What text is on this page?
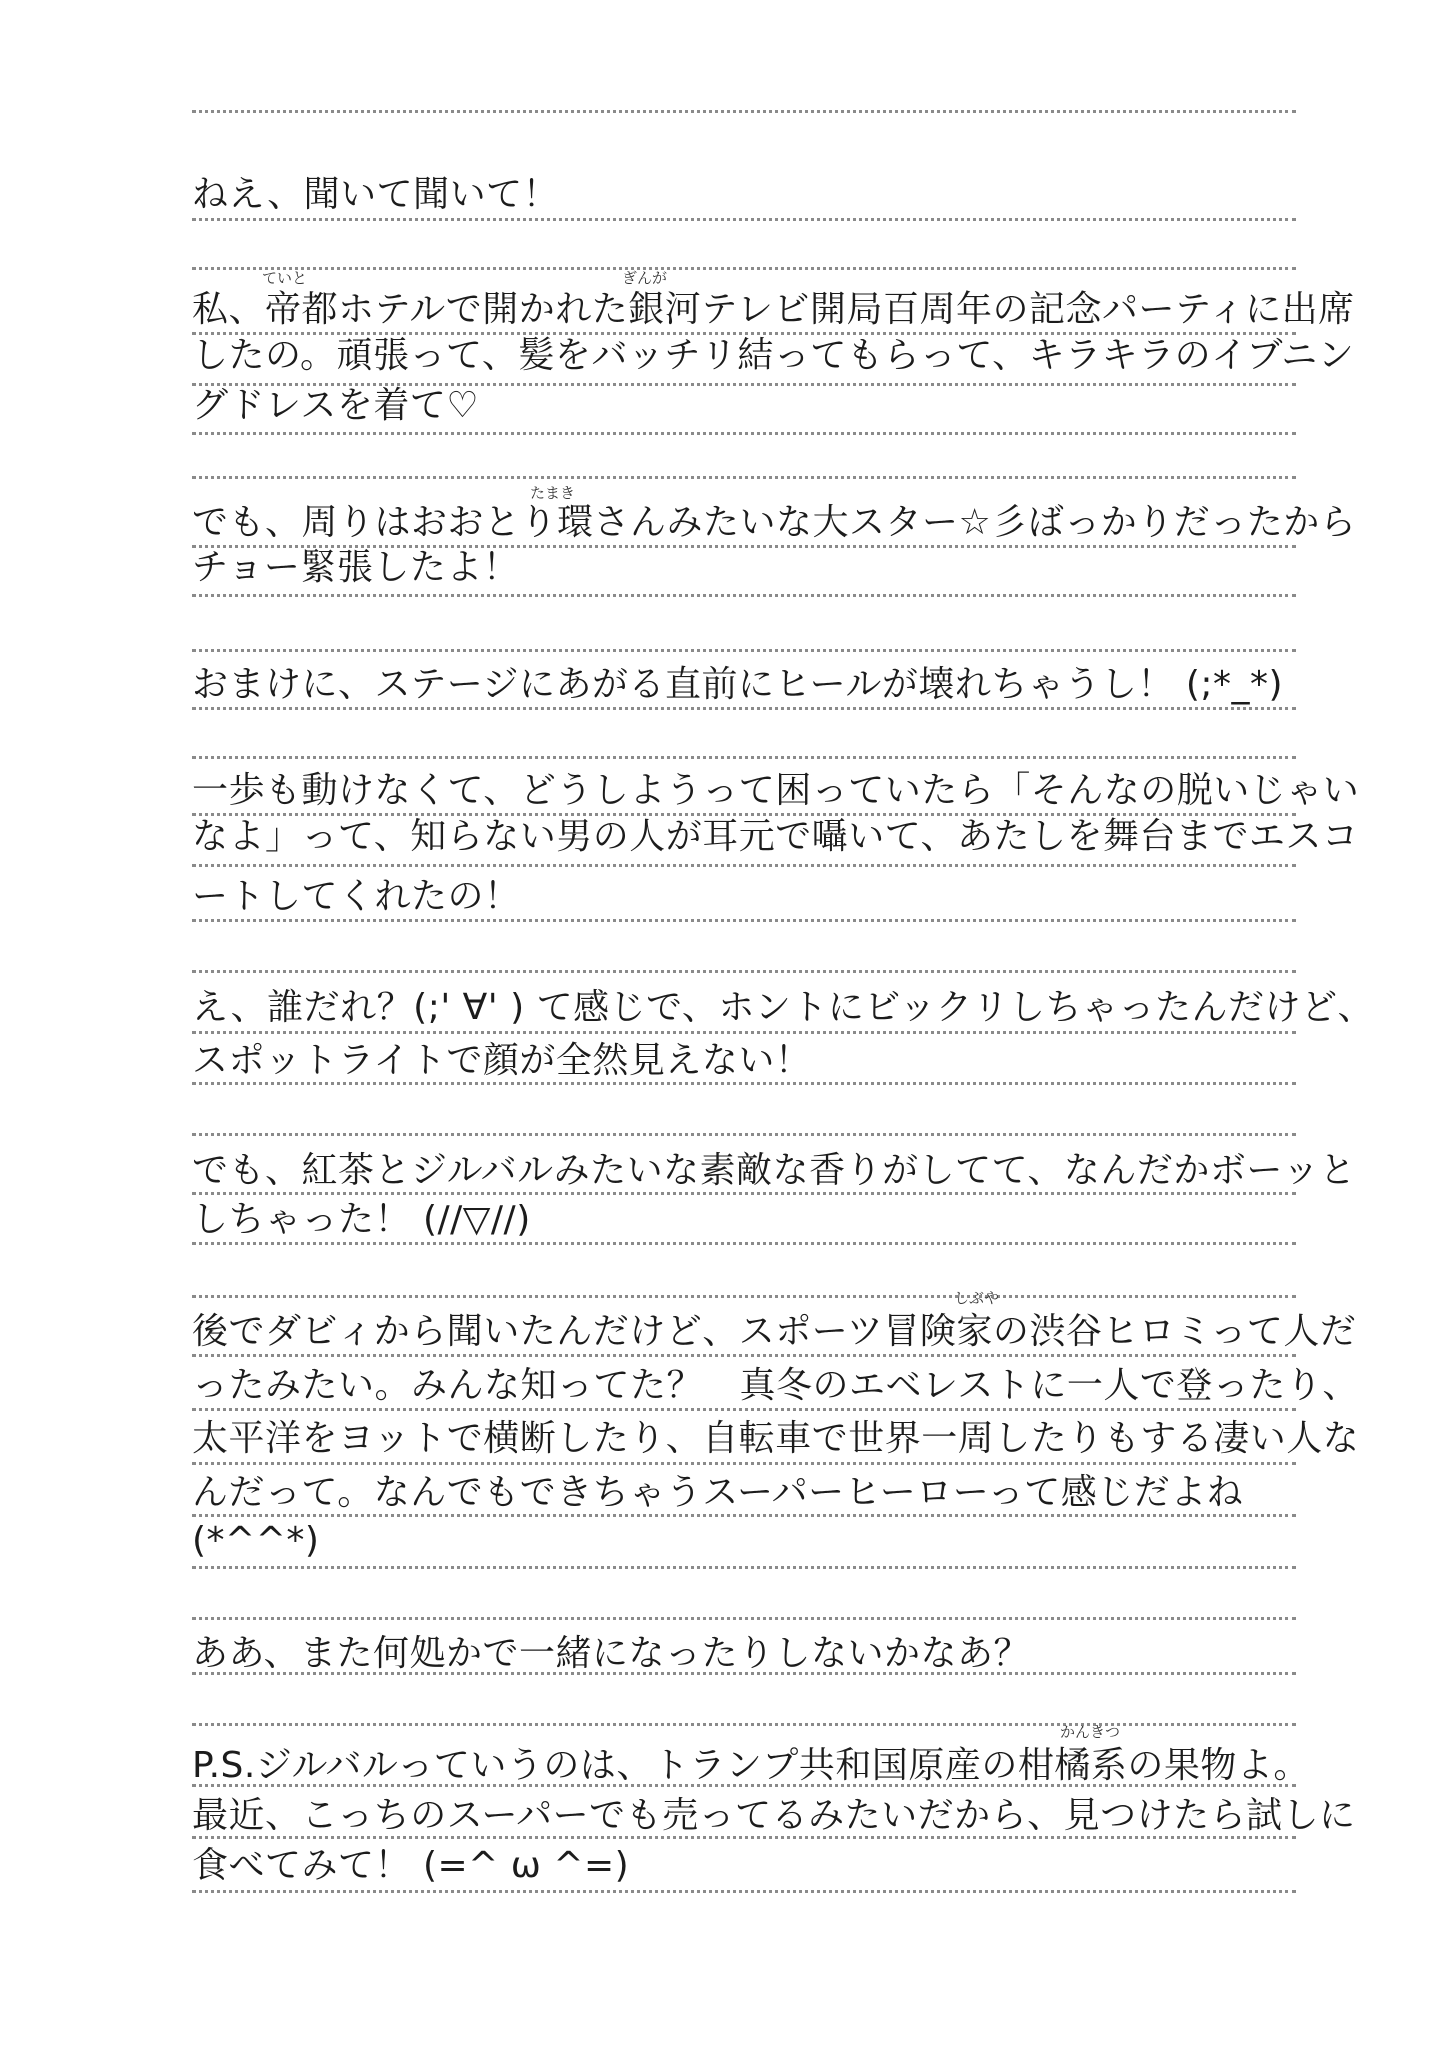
ねえ、聞いて聞いて！
ていと	ぎんが
私、帝都ホテルで開かれた銀河テレビ開局百周年の記念パーティに出席
したの。頑張って、髪をバッチリ結ってもらって、キラキラのイブニン
グドレスを着て♡
たまき
でも、周りはおおとり環さんみたいな大スター☆彡ばっかりだったから
チョー緊張したよ！
おまけに、ステージにあがる直前にヒールが壊れちゃうし！ (;*_*)
一歩も動けなくて、どうしようって困っていたら「そんなの脱いじゃい
なよ」って、知らない男の人が耳元で囁いて、あたしを舞台までエスコ
ートしてくれたの！
え、誰だれ？(;' ∀' ) て感じで、ホントにビックリしちゃったんだけど、
スポットライトで顔が全然見えない！
でも、紅茶とジルバルみたいな素敵な香りがしてて、なんだかボーッと
しちゃった！ (//▽//)
しぶや
後でダビィから聞いたんだけど、スポーツ冒険家の渋谷ヒロミって人だ
ったみたい。みんな知ってた？　真冬のエベレストに一人で登ったり、
太平洋をヨットで横断したり、自転車で世界一周したりもする凄い人な
んだって。なんでもできちゃうスーパーヒーローって感じだよね
(*^^*)
ああ、また何処かで一緒になったりしないかなあ？
かんきつ
P.S.ジルバルっていうのは、トランプ共和国原産の柑橘系の果物よ。
最近、こっちのスーパーでも売ってるみたいだから、見つけたら試しに
食べてみて！ (=^ ω ^=)
